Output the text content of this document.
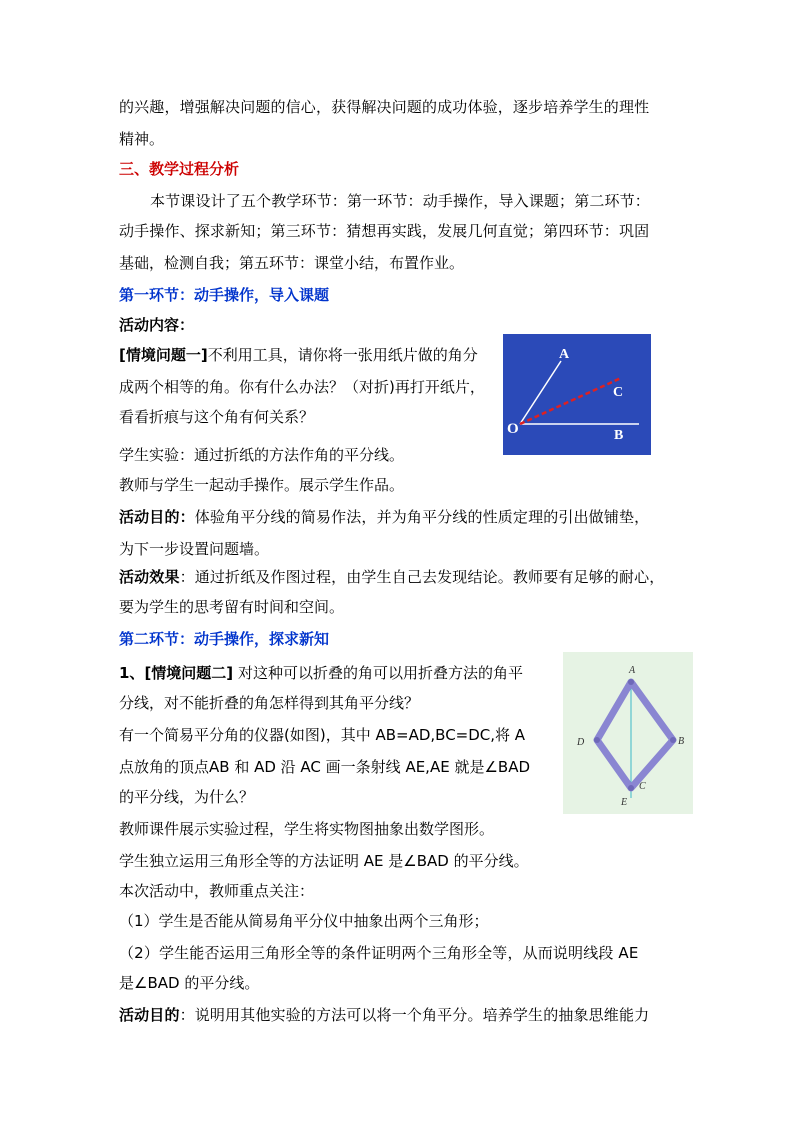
的兴趣，增强解决问题的信心，获得解决问题的成功体验，逐步培养学生的理性
精神。
三、教学过程分析
本节课设计了五个教学环节：第一环节：动手操作，导入课题；第二环节：
动手操作、探求新知；第三环节：猜想再实践，发展几何直觉；第四环节：巩固
基础，检测自我；第五环节：课堂小结，布置作业。
第一环节：动手操作，导入课题
活动内容：
[情境问题一]不利用工具，请你将一张用纸片做的角分
成两个相等的角。你有什么办法？（对折)再打开纸片，
看看折痕与这个角有何关系？
A
C
O	B
学生实验：通过折纸的方法作角的平分线。
教师与学生一起动手操作。展示学生作品。
活动目的：体验角平分线的简易作法，并为角平分线的性质定理的引出做铺垫，
为下一步设置问题墙。
活动效果：通过折纸及作图过程，由学生自己去发现结论。教师要有足够的耐心，
要为学生的思考留有时间和空间。
第二环节：动手操作，探求新知
1、[情境问题二] 对这种可以折叠的角可以用折叠方法的角平
分线，对不能折叠的角怎样得到其角平分线？
有一个简易平分角的仪器(如图)，其中 AB=AD,BC=DC,将 A
点放角的顶点AB 和 AD 沿 AC 画一条射线 AE,AE 就是∠BAD
的平分线，为什么？
A
B
C
D
E
教师课件展示实验过程，学生将实物图抽象出数学图形。
学生独立运用三角形全等的方法证明 AE 是∠BAD 的平分线。
本次活动中，教师重点关注：
（1）学生是否能从简易角平分仪中抽象出两个三角形；
（2）学生能否运用三角形全等的条件证明两个三角形全等，从而说明线段 AE
是∠BAD 的平分线。
活动目的：说明用其他实验的方法可以将一个角平分。培养学生的抽象思维能力
